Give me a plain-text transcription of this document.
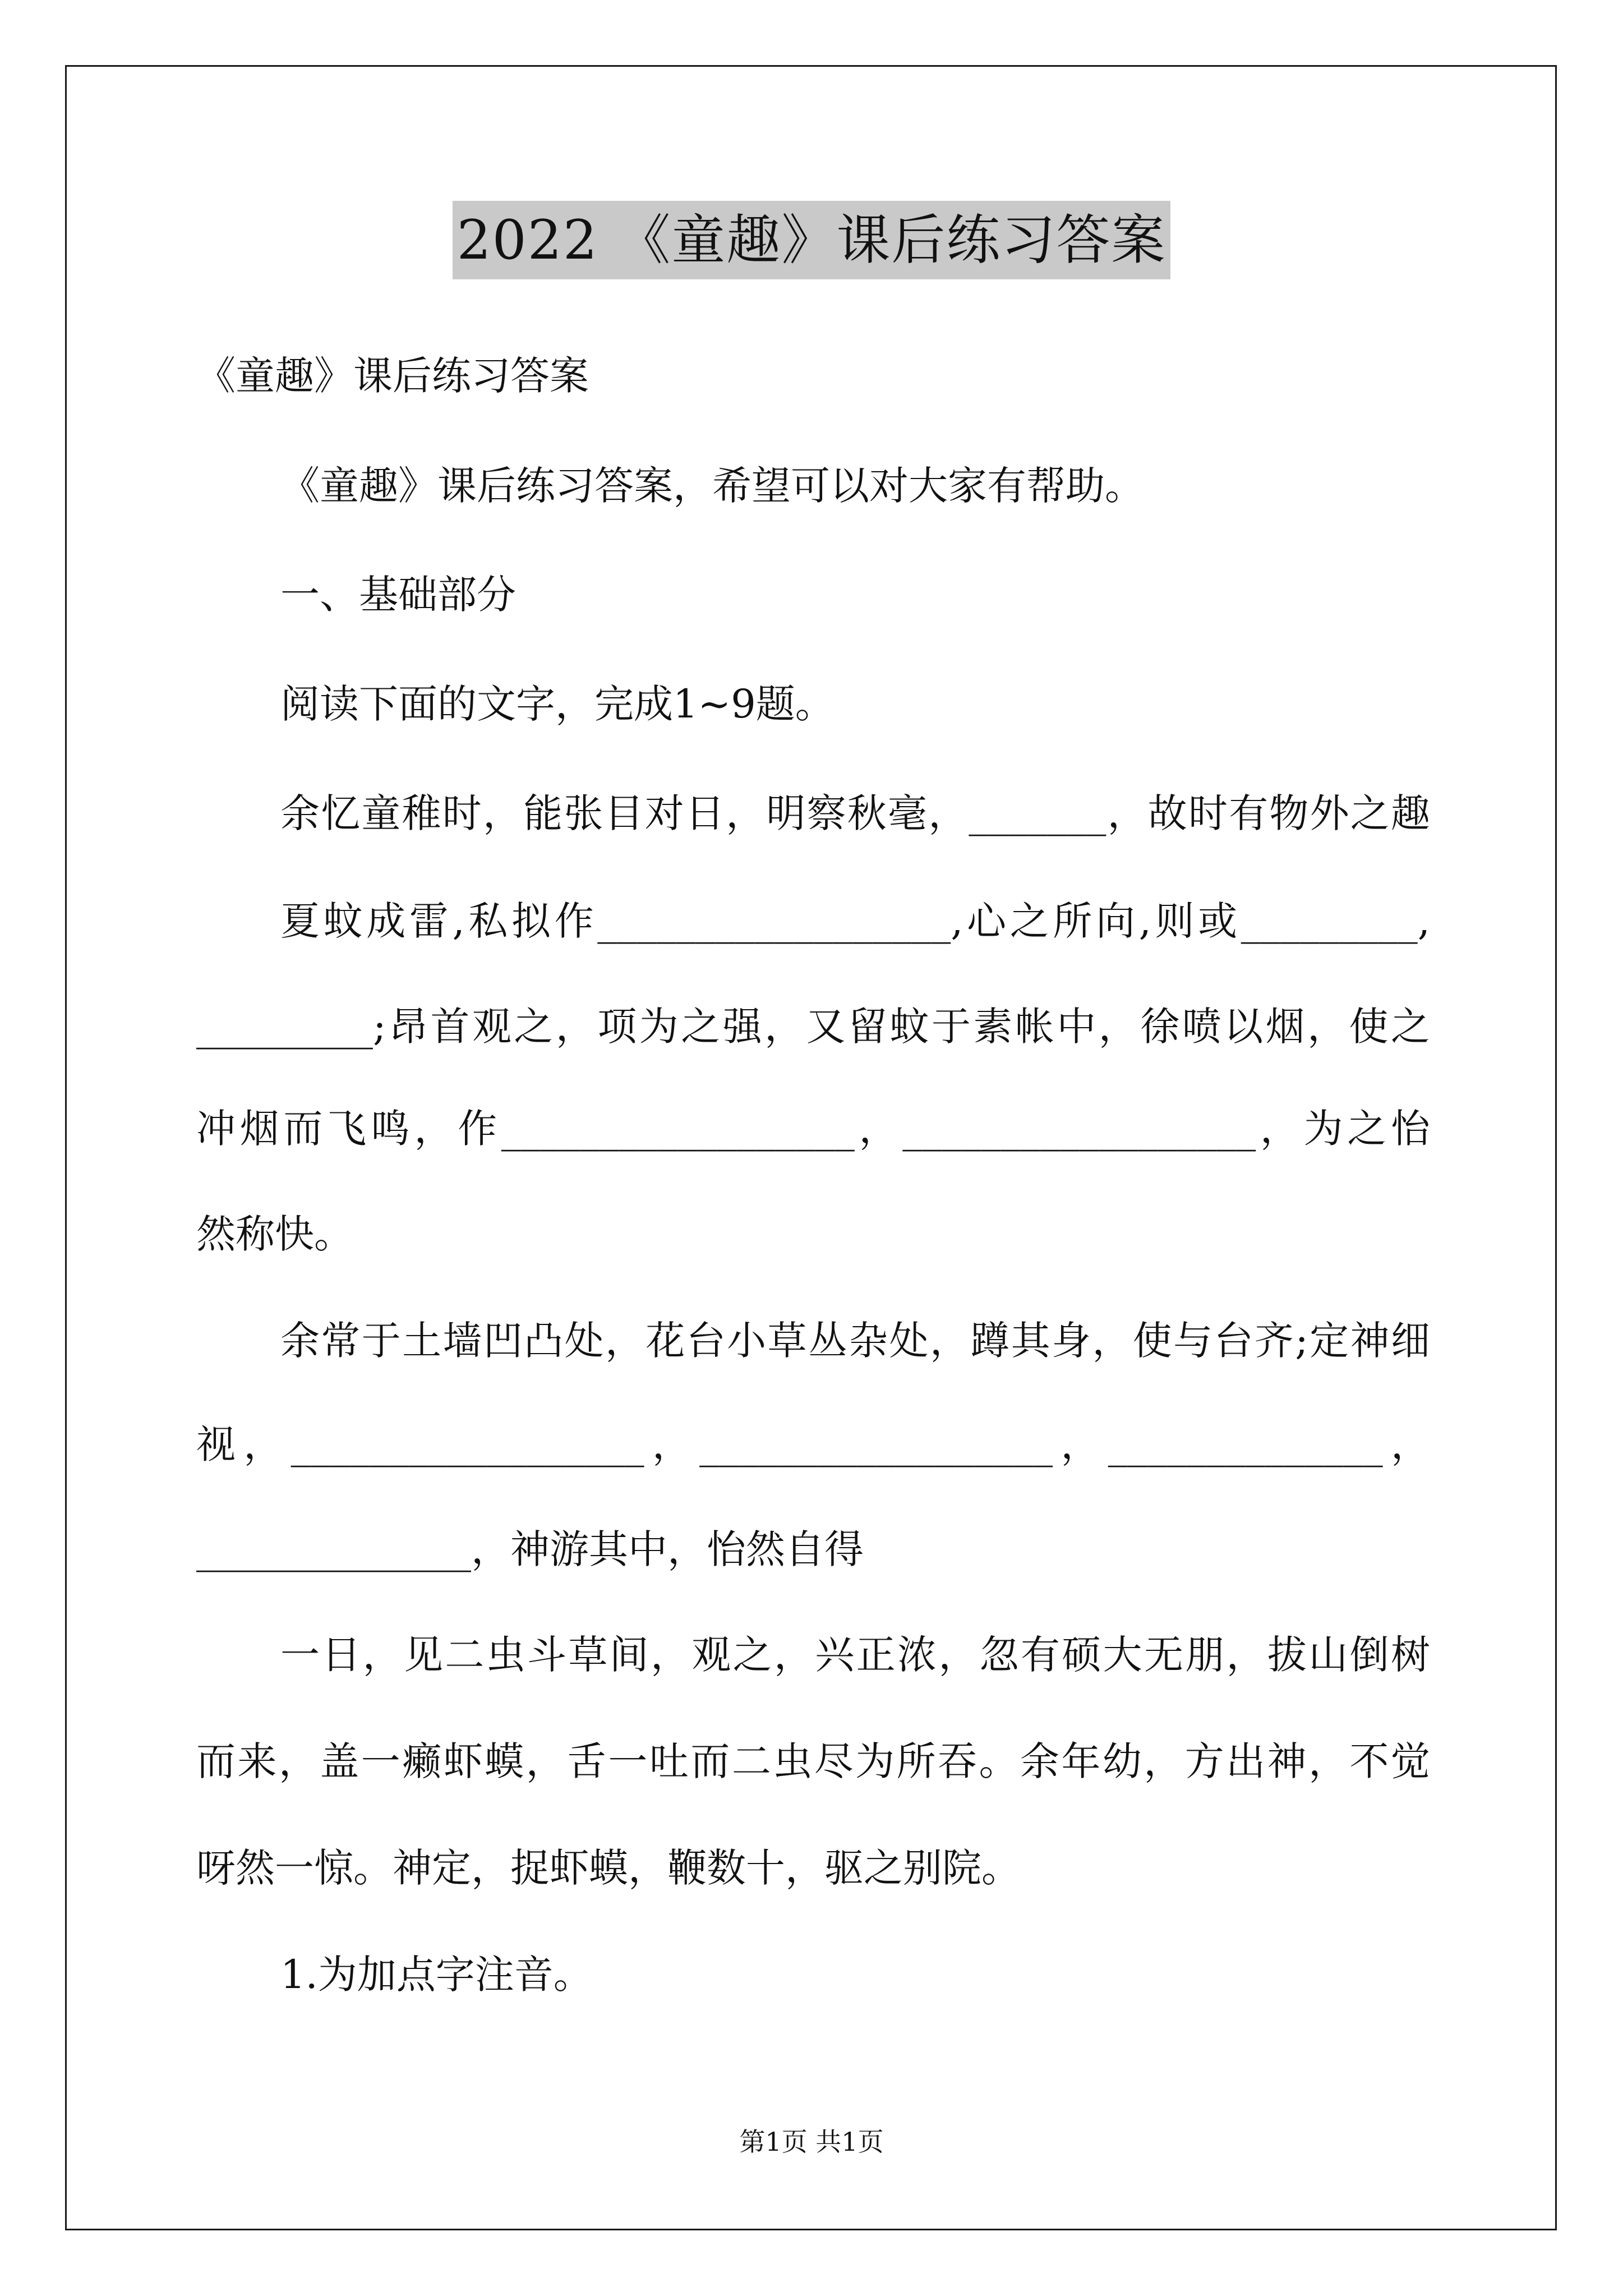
2022 《童趣》课后练习答案
《童趣》课后练习答案
《童趣》课后练习答案，希望可以对大家有帮助。
一、基础部分
阅读下面的文字，完成1~9题。
余忆童稚时，能张目对日，明察秋毫，_______，故时有物外之趣
夏蚊成雷,私拟作__________________,心之所向,则或_________,
_________;昂首观之，项为之强，又留蚊于素帐中，徐喷以烟，使之
冲烟而飞鸣，作__________________，__________________，为之怡
然称快。
余常于土墙凹凸处，花台小草丛杂处，蹲其身，使与台齐;定神细
视，__________________，__________________，______________，
______________，神游其中，怡然自得
一日，见二虫斗草间，观之，兴正浓，忽有硕大无朋，拔山倒树
而来，盖一癞虾蟆，舌一吐而二虫尽为所吞。余年幼，方出神，不觉
呀然一惊。神定，捉虾蟆，鞭数十，驱之别院。
1.为加点字注音。
第1页 共1页
